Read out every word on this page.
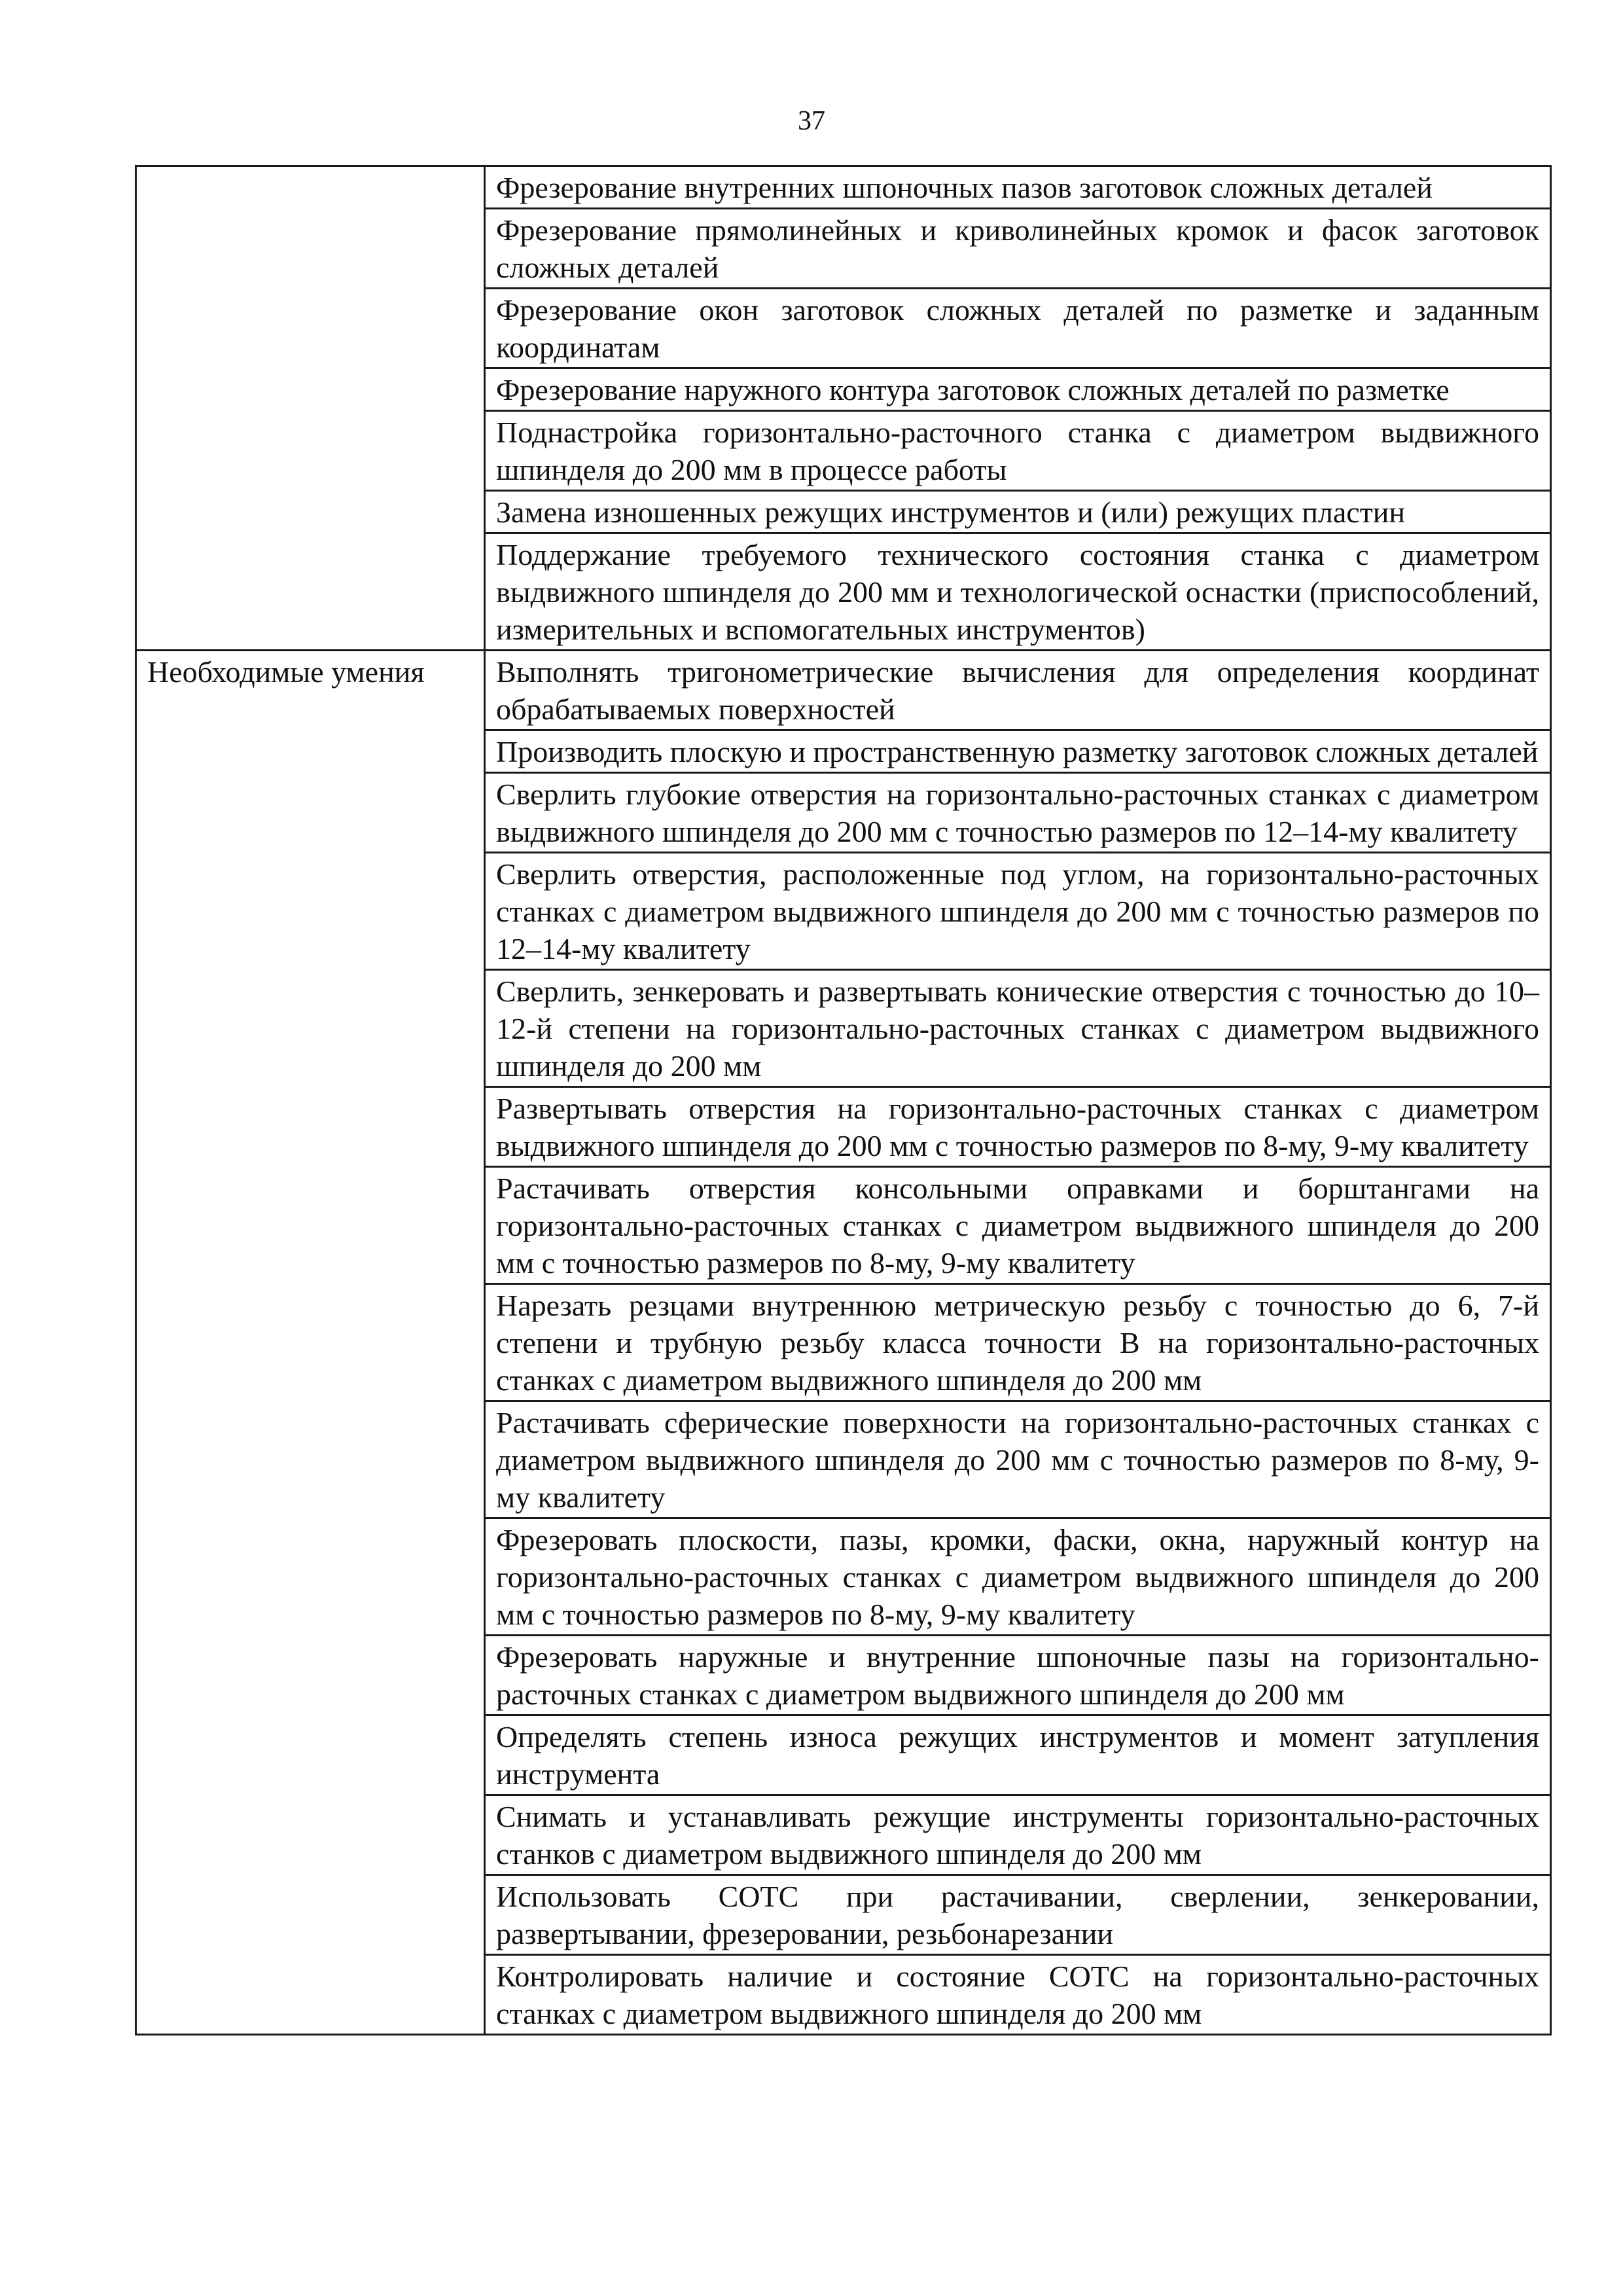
37
	Фрезерование внутренних шпоночных пазов заготовок сложных деталей
	Фрезерование прямолинейных и криволинейных кромок и фасок заготовок сложных деталей
	Фрезерование окон заготовок сложных деталей по разметке и заданным координатам
	Фрезерование наружного контура заготовок сложных деталей по разметке
	Поднастройка горизонтально-расточного станка с диаметром выдвижного шпинделя до 200 мм в процессе работы
	Замена изношенных режущих инструментов и (или) режущих пластин
	Поддержание требуемого технического состояния станка с диаметром выдвижного шпинделя до 200 мм и технологической оснастки (приспособлений, измерительных и вспомогательных инструментов)
Необходимые умения	Выполнять тригонометрические вычисления для определения координат обрабатываемых поверхностей
	Производить плоскую и пространственную разметку заготовок сложных деталей
	Сверлить глубокие отверстия на горизонтально-расточных станках с диаметром выдвижного шпинделя до 200 мм с точностью размеров по 12–14-му квалитету
	Сверлить отверстия, расположенные под углом, на горизонтально-расточных станках с диаметром выдвижного шпинделя до 200 мм с точностью размеров по 12–14-му квалитету
	Сверлить, зенкеровать и развертывать конические отверстия с точностью до 10–12-й степени на горизонтально-расточных станках с диаметром выдвижного шпинделя до 200 мм
	Развертывать отверстия на горизонтально-расточных станках с диаметром выдвижного шпинделя до 200 мм с точностью размеров по 8-му, 9-му квалитету
	Растачивать отверстия консольными оправками и борштангами на горизонтально-расточных станках с диаметром выдвижного шпинделя до 200 мм с точностью размеров по 8-му, 9-му квалитету
	Нарезать резцами внутреннюю метрическую резьбу с точностью до 6, 7-й степени и трубную резьбу класса точности В на горизонтально-расточных станках с диаметром выдвижного шпинделя до 200 мм
	Растачивать сферические поверхности на горизонтально-расточных станках с диаметром выдвижного шпинделя до 200 мм с точностью размеров по 8-му, 9-му квалитету
	Фрезеровать плоскости, пазы, кромки, фаски, окна, наружный контур на горизонтально-расточных станках с диаметром выдвижного шпинделя до 200 мм с точностью размеров по 8-му, 9-му квалитету
	Фрезеровать наружные и внутренние шпоночные пазы на горизонтально-расточных станках с диаметром выдвижного шпинделя до 200 мм
	Определять степень износа режущих инструментов и момент затупления инструмента
	Снимать и устанавливать режущие инструменты горизонтально-расточных станков с диаметром выдвижного шпинделя до 200 мм
	Использовать СОТС при растачивании, сверлении, зенкеровании, развертывании, фрезеровании, резьбонарезании
	Контролировать наличие и состояние СОТС на горизонтально-расточных станках с диаметром выдвижного шпинделя до 200 мм
